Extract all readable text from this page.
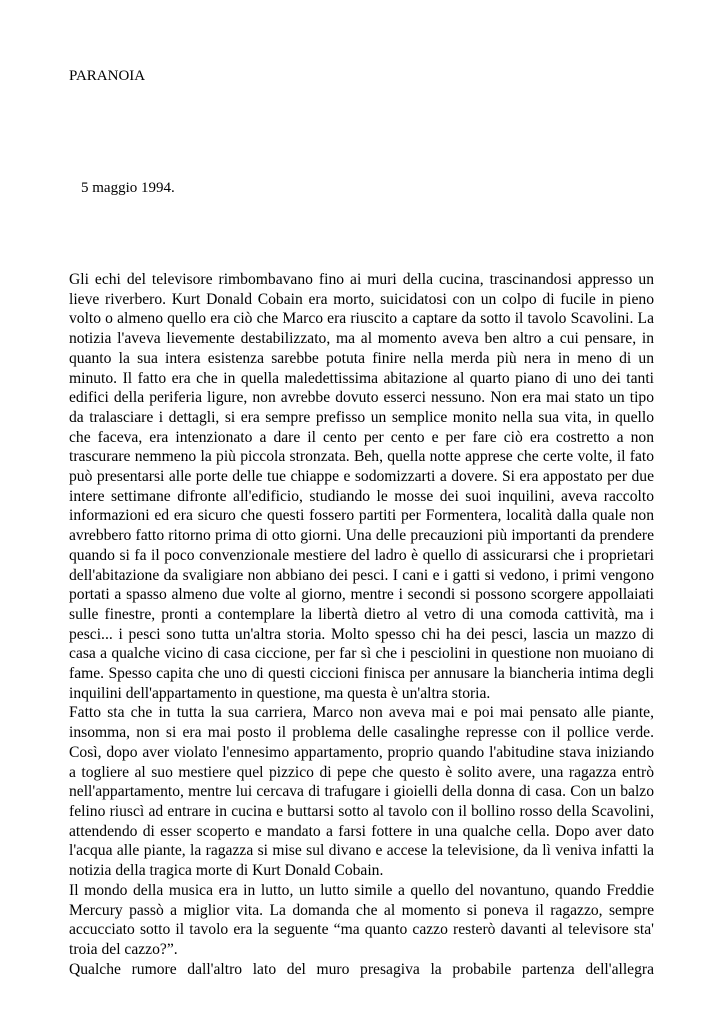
PARANOIA

5 maggio 1994.

Gli echi del televisore rimbombavano fino ai muri della cucina, trascinandosi appresso un lieve riverbero. Kurt Donald Cobain era morto, suicidatosi con un colpo di fucile in pieno volto o almeno quello era ciò che Marco era riuscito a captare da sotto il tavolo Scavolini. La notizia l'aveva lievemente destabilizzato, ma al momento aveva ben altro a cui pensare, in quanto la sua intera esistenza sarebbe potuta finire nella merda più nera in meno di un minuto. Il fatto era che in quella maledettissima abitazione al quarto piano di uno dei tanti edifici della periferia ligure, non avrebbe dovuto esserci nessuno. Non era mai stato un tipo da tralasciare i dettagli, si era sempre prefisso un semplice monito nella sua vita, in quello che faceva, era intenzionato a dare il cento per cento e per fare ciò era costretto a non trascurare nemmeno la più piccola stronzata. Beh, quella notte apprese che certe volte, il fato può presentarsi alle porte delle tue chiappe e sodomizzarti a dovere. Si era appostato per due intere settimane difronte all'edificio, studiando le mosse dei suoi inquilini, aveva raccolto informazioni ed era sicuro che questi fossero partiti per Formentera, località dalla quale non avrebbero fatto ritorno prima di otto giorni. Una delle precauzioni più importanti da prendere quando si fa il poco convenzionale mestiere del ladro è quello di assicurarsi che i proprietari dell'abitazione da svaligiare non abbiano dei pesci. I cani e i gatti si vedono, i primi vengono portati a spasso almeno due volte al giorno, mentre i secondi si possono scorgere appollaiati sulle finestre, pronti a contemplare la libertà dietro al vetro di una comoda cattività, ma i pesci... i pesci sono tutta un'altra storia. Molto spesso chi ha dei pesci, lascia un mazzo di casa a qualche vicino di casa ciccione, per far sì che i pesciolini in questione non muoiano di fame. Spesso capita che uno di questi ciccioni finisca per annusare la biancheria intima degli inquilini dell'appartamento in questione, ma questa è un'altra storia.

Fatto sta che in tutta la sua carriera, Marco non aveva mai e poi mai pensato alle piante, insomma, non si era mai posto il problema delle casalinghe represse con il pollice verde. Così, dopo aver violato l'ennesimo appartamento, proprio quando l'abitudine stava iniziando a togliere al suo mestiere quel pizzico di pepe che questo è solito avere, una ragazza entrò nell'appartamento, mentre lui cercava di trafugare i gioielli della donna di casa. Con un balzo felino riuscì ad entrare in cucina e buttarsi sotto al tavolo con il bollino rosso della Scavolini, attendendo di esser scoperto e mandato a farsi fottere in una qualche cella. Dopo aver dato l'acqua alle piante, la ragazza si mise sul divano e accese la televisione, da lì veniva infatti la notizia della tragica morte di Kurt Donald Cobain.

Il mondo della musica era in lutto, un lutto simile a quello del novantuno, quando Freddie Mercury passò a miglior vita. La domanda che al momento si poneva il ragazzo, sempre accucciato sotto il tavolo era la seguente “ma quanto cazzo resterò davanti al televisore sta' troia del cazzo?”.

Qualche rumore dall'altro lato del muro presagiva la probabile partenza dell'allegra
